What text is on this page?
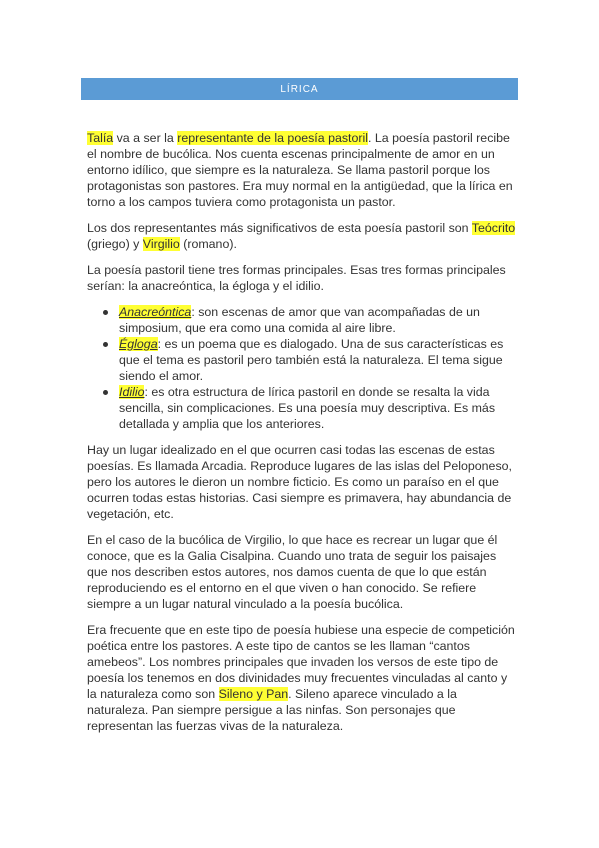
LÍRICA

Talía va a ser la representante de la poesía pastoril. La poesía pastoril recibe el nombre de bucólica. Nos cuenta escenas principalmente de amor en un entorno idílico, que siempre es la naturaleza. Se llama pastoril porque los protagonistas son pastores. Era muy normal en la antigüedad, que la lírica en torno a los campos tuviera como protagonista un pastor.

Los dos representantes más significativos de esta poesía pastoril son Teócrito (griego) y Virgilio (romano).

La poesía pastoril tiene tres formas principales. Esas tres formas principales serían: la anacreóntica, la égloga y el idilio.

Anacreóntica: son escenas de amor que van acompañadas de un simposium, que era como una comida al aire libre.
Égloga: es un poema que es dialogado. Una de sus características es que el tema es pastoril pero también está la naturaleza. El tema sigue siendo el amor.
Idilio: es otra estructura de lírica pastoril en donde se resalta la vida sencilla, sin complicaciones. Es una poesía muy descriptiva. Es más detallada y amplia que los anteriores.

Hay un lugar idealizado en el que ocurren casi todas las escenas de estas poesías. Es llamada Arcadia. Reproduce lugares de las islas del Peloponeso, pero los autores le dieron un nombre ficticio. Es como un paraíso en el que ocurren todas estas historias. Casi siempre es primavera, hay abundancia de vegetación, etc.

En el caso de la bucólica de Virgilio, lo que hace es recrear un lugar que él conoce, que es la Galia Cisalpina. Cuando uno trata de seguir los paisajes que nos describen estos autores, nos damos cuenta de que lo que están reproduciendo es el entorno en el que viven o han conocido. Se refiere siempre a un lugar natural vinculado a la poesía bucólica.

Era frecuente que en este tipo de poesía hubiese una especie de competición poética entre los pastores. A este tipo de cantos se les llaman “cantos amebeos”. Los nombres principales que invaden los versos de este tipo de poesía los tenemos en dos divinidades muy frecuentes vinculadas al canto y la naturaleza como son Sileno y Pan. Sileno aparece vinculado a la naturaleza. Pan siempre persigue a las ninfas. Son personajes que representan las fuerzas vivas de la naturaleza.
